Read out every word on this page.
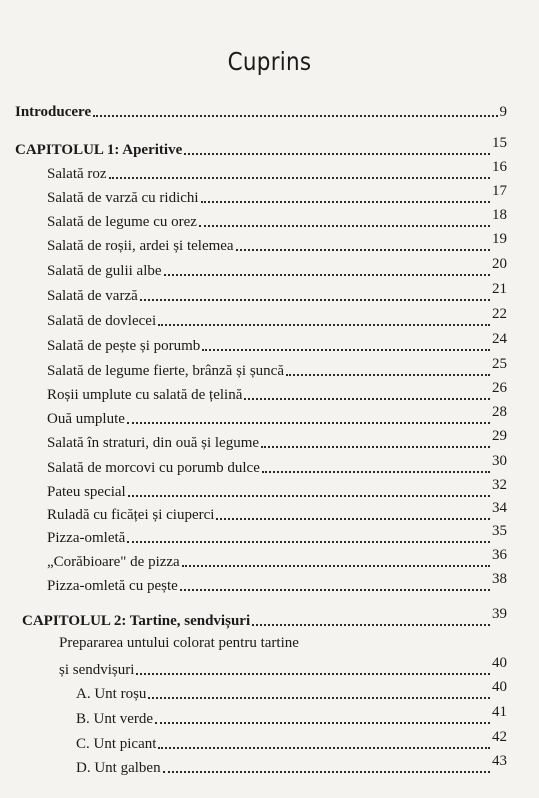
Cuprins
Introducere	9
CAPITOLUL 1: Aperitive	15
Salată roz	16
Salată de varză cu ridichi	17
Salată de legume cu orez	18
Salată de roșii, ardei și telemea	19
Salată de gulii albe	20
Salată de varză	21
Salată de dovlecei	22
Salată de pește și porumb	24
Salată de legume fierte, brânză și șuncă	25
Roșii umplute cu salată de țelină	26
Ouă umplute	28
Salată în straturi, din ouă și legume	29
Salată de morcovi cu porumb dulce	30
Pateu special	32
Ruladă cu ficăței și ciuperci	34
Pizza-omletă	35
„Corăbioare" de pizza	36
Pizza-omletă cu pește	38
CAPITOLUL 2: Tartine, sendvișuri	39
Prepararea untului colorat pentru tartine
și sendvișuri	40
A. Unt roșu	40
B. Unt verde	41
C. Unt picant	42
D. Unt galben	43
